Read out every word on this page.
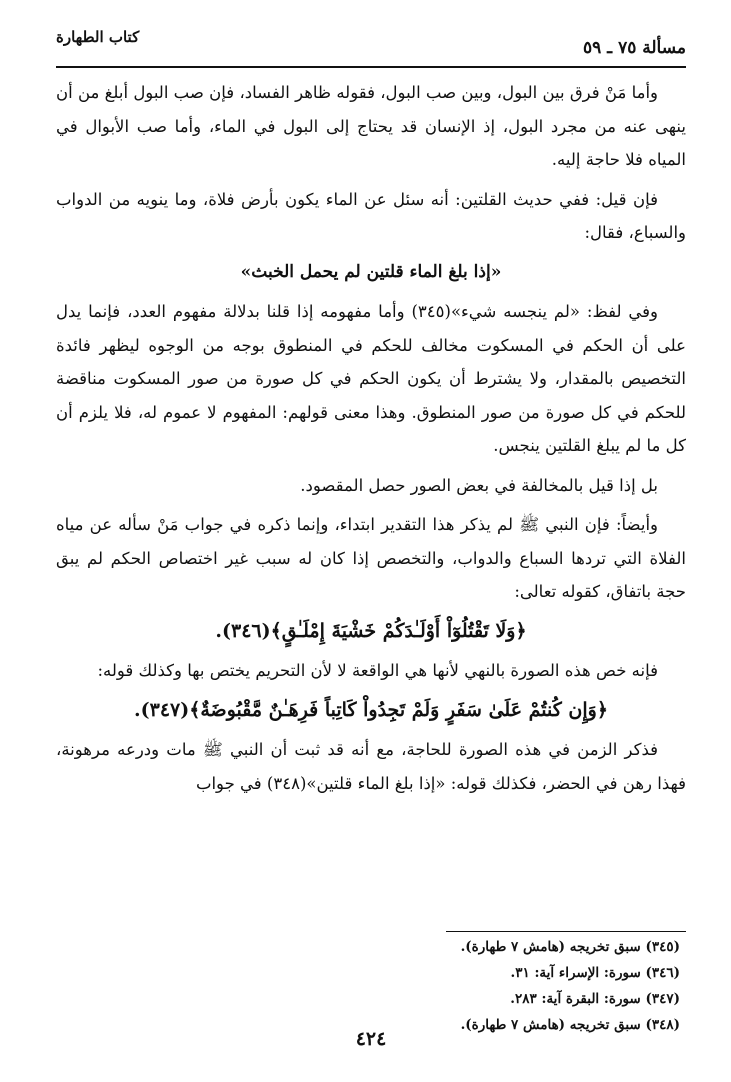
كتاب الطهارة
مسألة ٧٥ ـ ٥٩

وأما مَنْ فرق بين البول، وبين صب البول، فقوله ظاهر الفساد، فإن صب البول أبلغ من أن ينهى عنه من مجرد البول، إذ الإنسان قد يحتاج إلى البول في الماء، وأما صب الأبوال في المياه فلا حاجة إليه.

فإن قيل: ففي حديث القلتين: أنه سئل عن الماء يكون بأرض فلاة، وما ينويه من الدواب والسباع، فقال:

«إذا بلغ الماء قلتين لم يحمل الخبث»

وفي لفظ: «لم ينجسه شيء»(٣٤٥) وأما مفهومه إذا قلنا بدلالة مفهوم العدد، فإنما يدل على أن الحكم في المسكوت مخالف للحكم في المنطوق بوجه من الوجوه ليظهر فائدة التخصيص بالمقدار، ولا يشترط أن يكون الحكم في كل صورة من صور المسكوت مناقضة للحكم في كل صورة من صور المنطوق. وهذا معنى قولهم: المفهوم لا عموم له، فلا يلزم أن كل ما لم يبلغ القلتين ينجس.

بل إذا قيل بالمخالفة في بعض الصور حصل المقصود.

وأيضاً: فإن النبي ﷺ لم يذكر هذا التقدير ابتداء، وإنما ذكره في جواب مَنْ سأله عن مياه الفلاة التي تردها السباع والدواب، والتخصص إذا كان له سبب غير اختصاص الحكم لم يبق حجة باتفاق، كقوله تعالى:

﴿وَلَا تَقْتُلُوٓاْ أَوْلَـٰدَكُمْ خَشْيَةَ إِمْلَـٰقٍ﴾(٣٤٦).

فإنه خص هذه الصورة بالنهي لأنها هي الواقعة لا لأن التحريم يختص بها وكذلك قوله:

﴿وَإِن كُنتُمْ عَلَىٰ سَفَرٍ وَلَمْ تَجِدُواْ كَاتِباً فَرِهَـٰنٌ مَّقْبُوضَةٌ﴾(٣٤٧).

فذكر الزمن في هذه الصورة للحاجة، مع أنه قد ثبت أن النبي ﷺ مات ودرعه مرهونة، فهذا رهن في الحضر، فكذلك قوله: «إذا بلغ الماء قلتين»(٣٤٨) في جواب

(٣٤٥) سبق تخريجه (هامش ٧ طهارة).

(٣٤٦) سورة: الإسراء آية: ٣١.

(٣٤٧) سورة: البقرة آية: ٢٨٣.

(٣٤٨) سبق تخريجه (هامش ٧ طهارة).

٤٢٤
